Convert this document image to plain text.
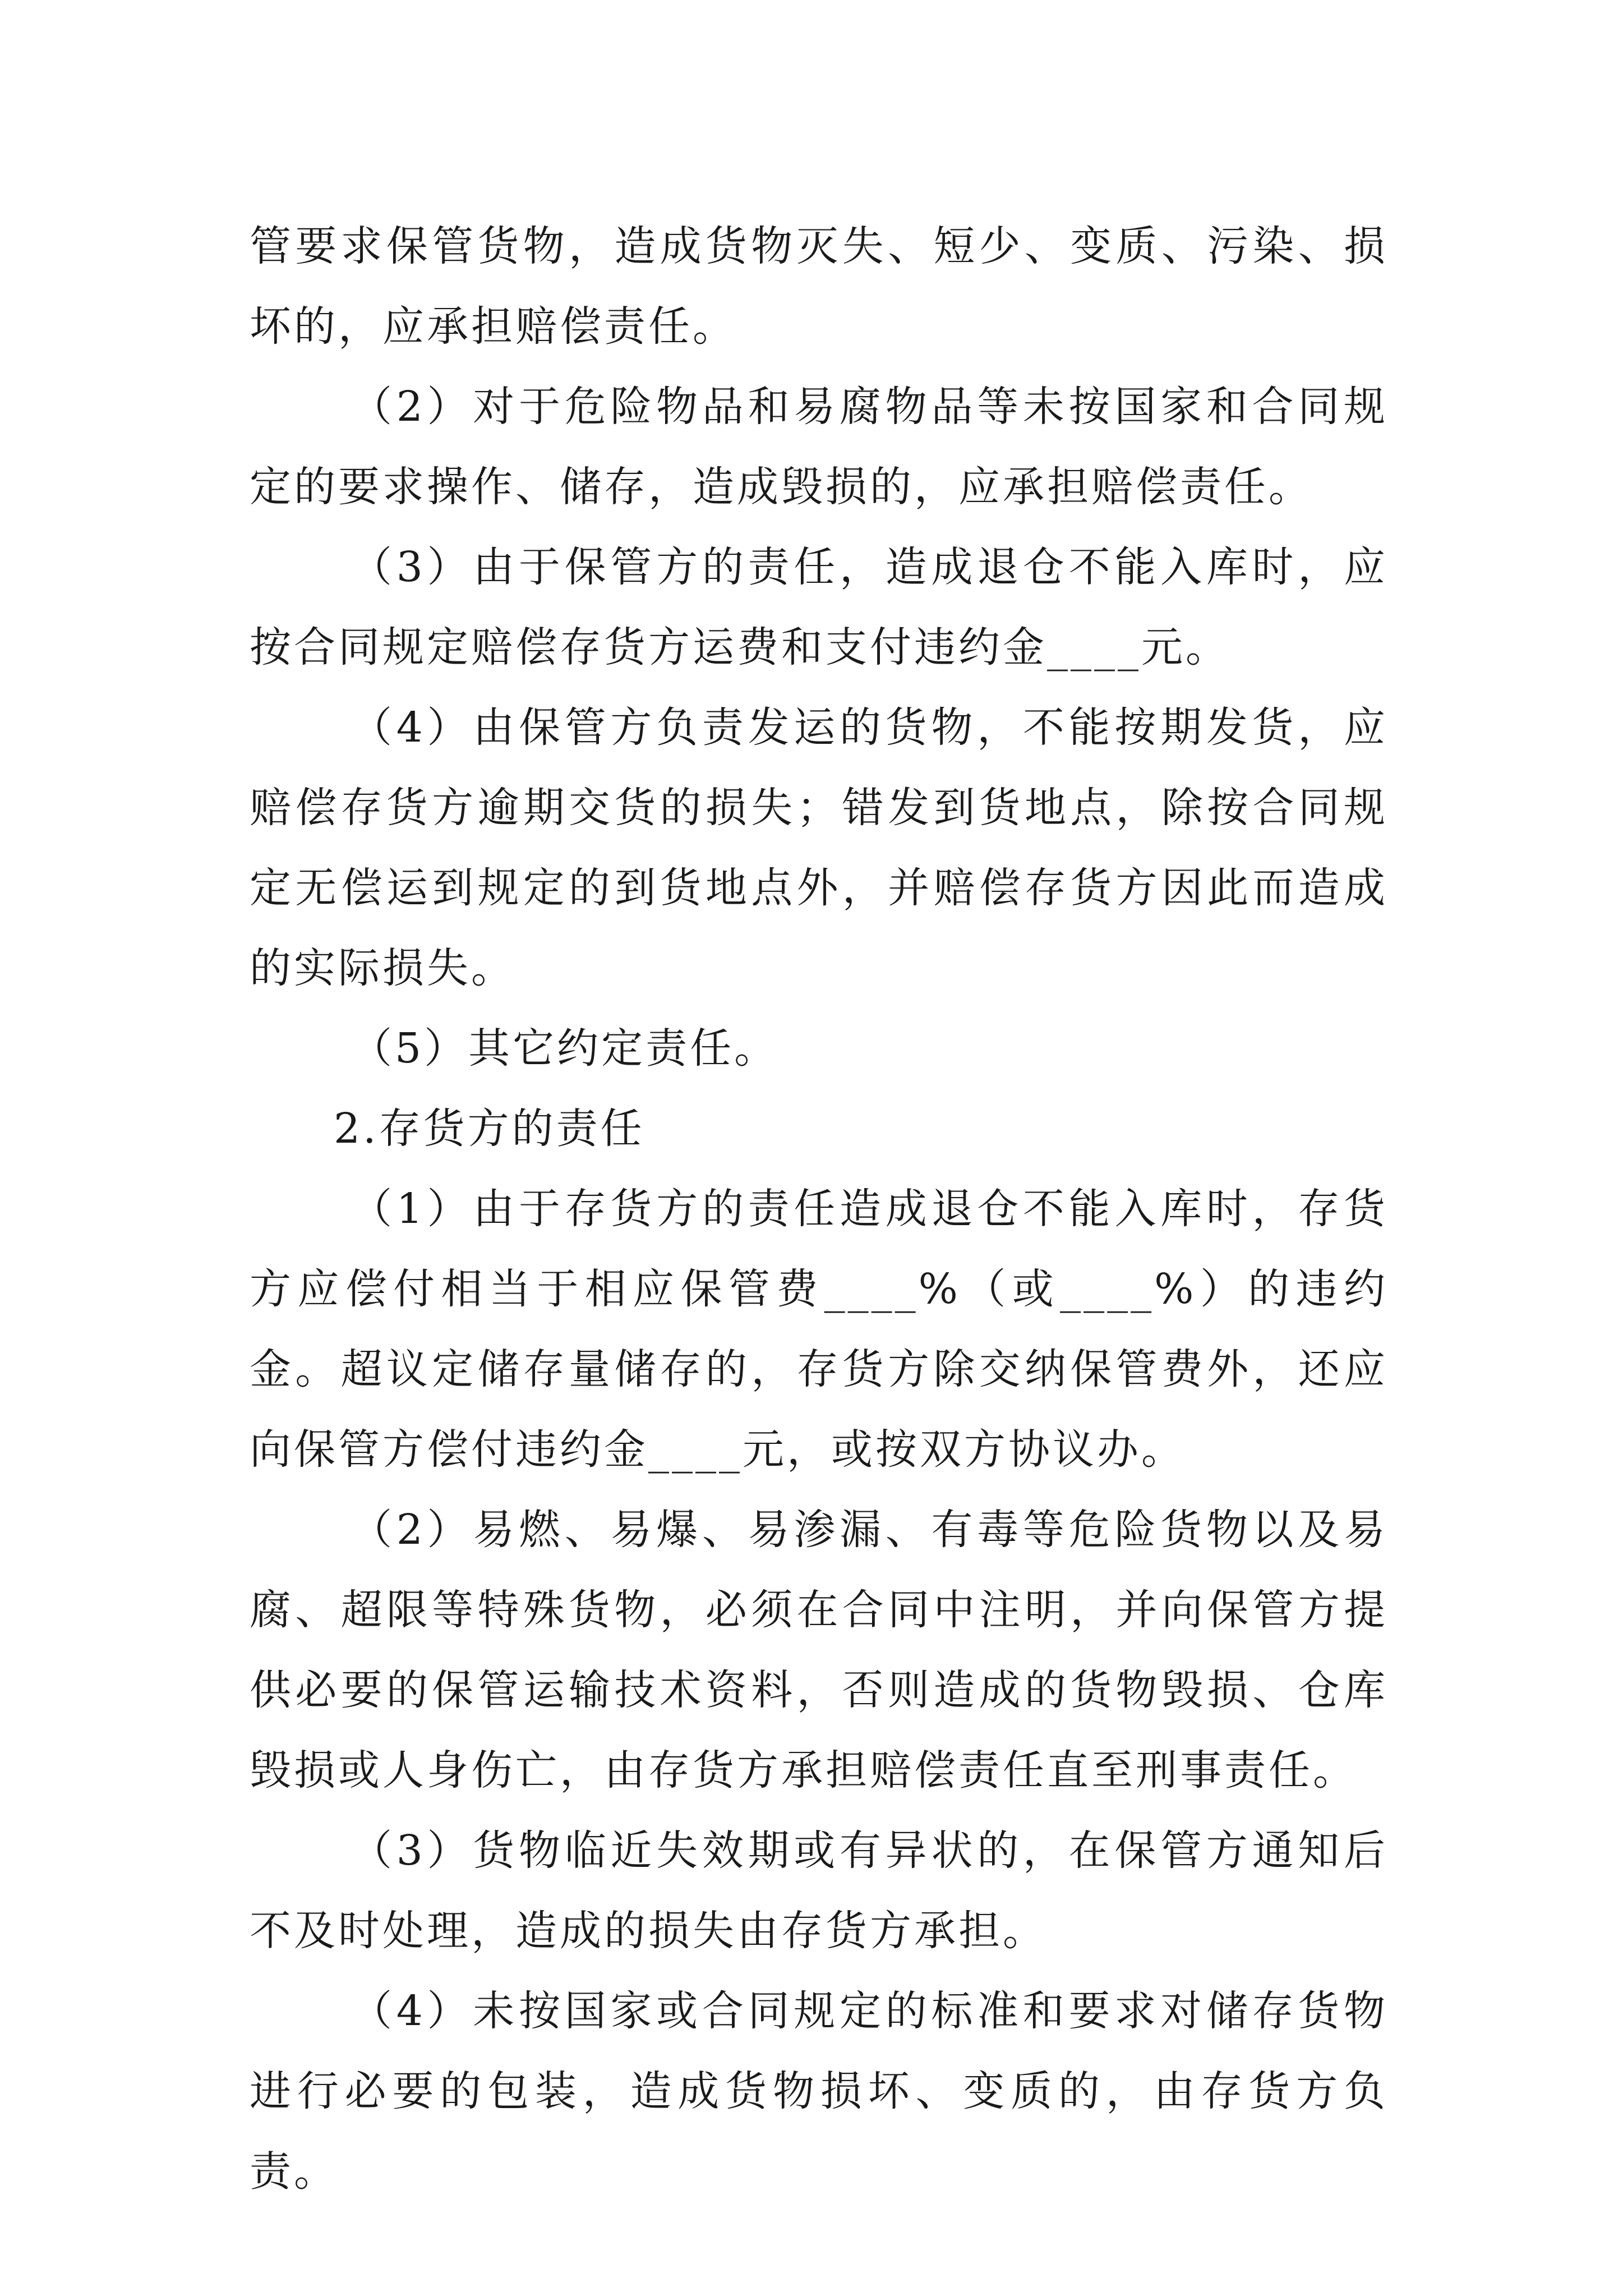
管要求保管货物，造成货物灭失、短少、变质、污染、损坏的，应承担赔偿责任。

（2）对于危险物品和易腐物品等未按国家和合同规定的要求操作、储存，造成毁损的，应承担赔偿责任。

（3）由于保管方的责任，造成退仓不能入库时，应按合同规定赔偿存货方运费和支付违约金____元。

（4）由保管方负责发运的货物，不能按期发货，应赔偿存货方逾期交货的损失；错发到货地点，除按合同规定无偿运到规定的到货地点外，并赔偿存货方因此而造成的实际损失。

（5）其它约定责任。

2.存货方的责任

（1）由于存货方的责任造成退仓不能入库时，存货方应偿付相当于相应保管费____%（或____%）的违约金。超议定储存量储存的，存货方除交纳保管费外，还应向保管方偿付违约金____元，或按双方协议办。

（2）易燃、易爆、易渗漏、有毒等危险货物以及易腐、超限等特殊货物，必须在合同中注明，并向保管方提供必要的保管运输技术资料，否则造成的货物毁损、仓库毁损或人身伤亡，由存货方承担赔偿责任直至刑事责任。

（3）货物临近失效期或有异状的，在保管方通知后不及时处理，造成的损失由存货方承担。

（4）未按国家或合同规定的标准和要求对储存货物进行必要的包装，造成货物损坏、变质的，由存货方负责。
